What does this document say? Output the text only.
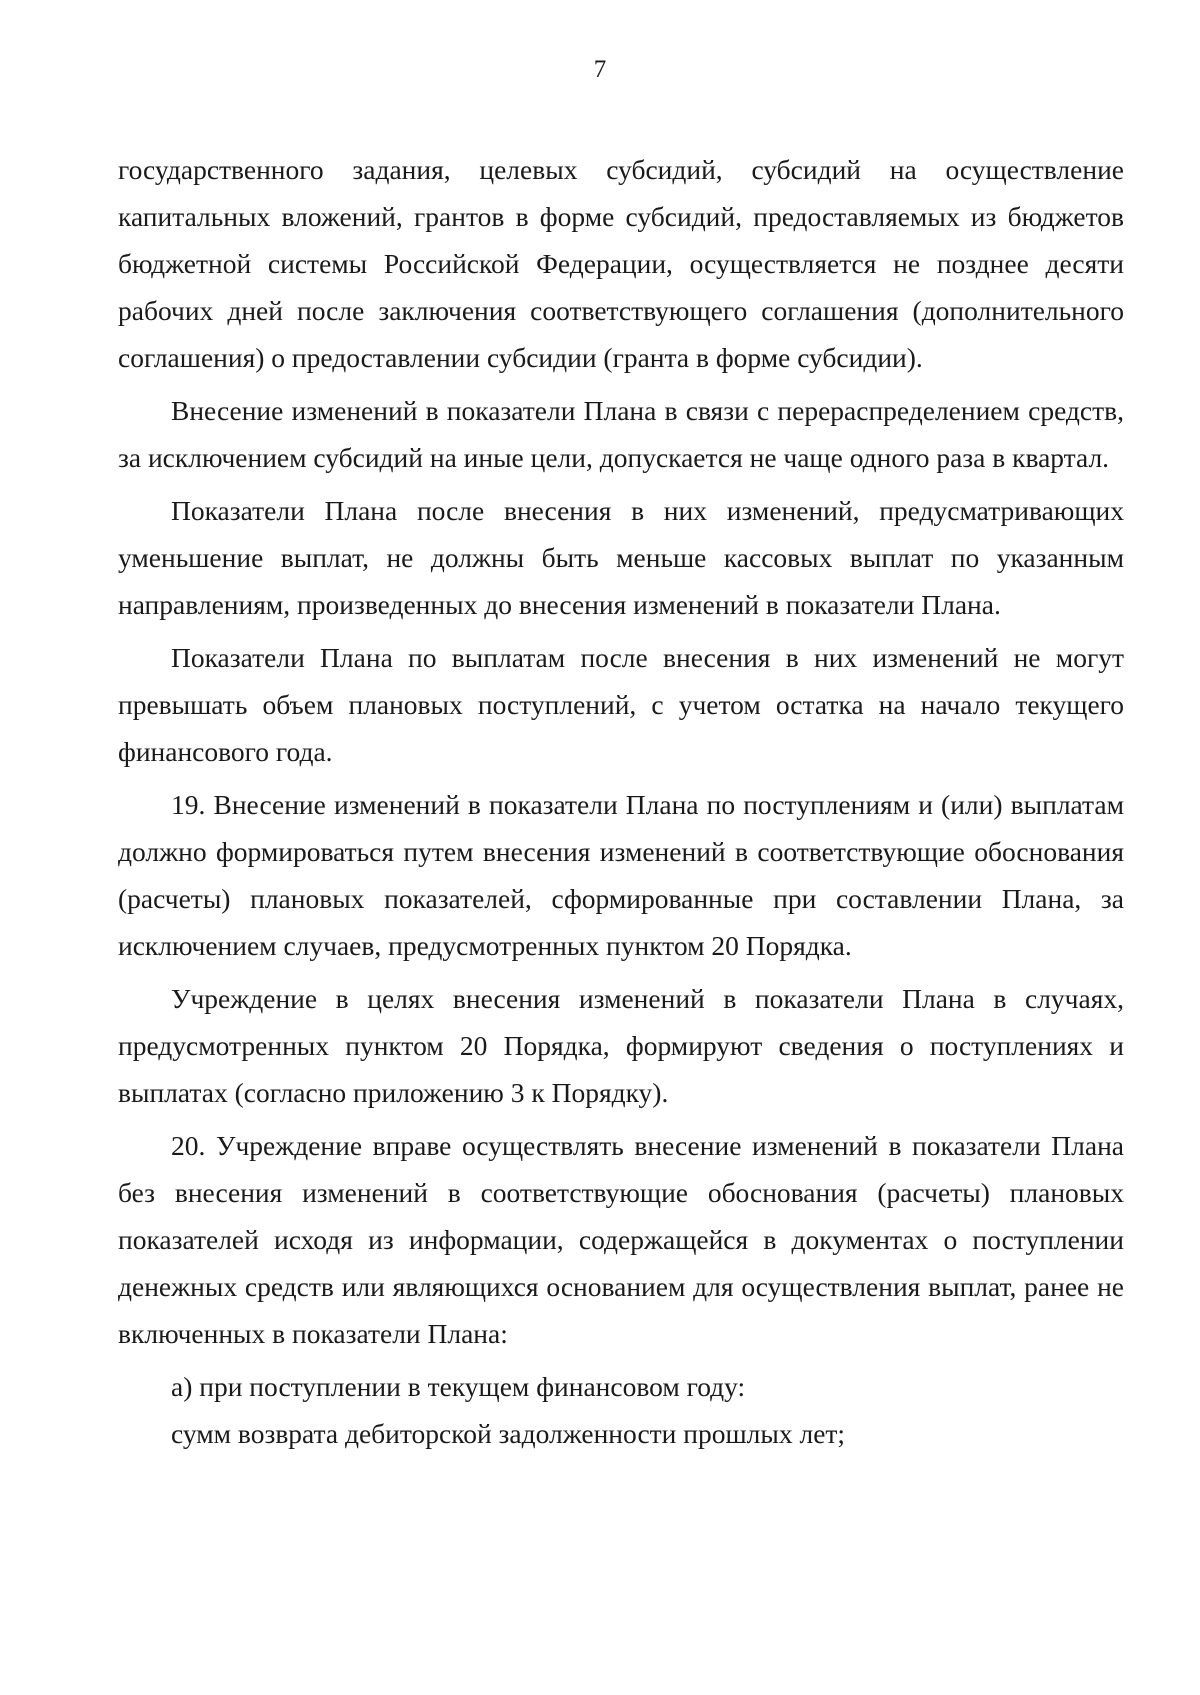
7

государственного задания, целевых субсидий, субсидий на осуществление капитальных вложений, грантов в форме субсидий, предоставляемых из бюджетов бюджетной системы Российской Федерации, осуществляется не позднее десяти рабочих дней после заключения соответствующего соглашения (дополнительного соглашения) о предоставлении субсидии (гранта в форме субсидии).

Внесение изменений в показатели Плана в связи с перераспределением средств, за исключением субсидий на иные цели, допускается не чаще одного раза в квартал.

Показатели Плана после внесения в них изменений, предусматривающих уменьшение выплат, не должны быть меньше кассовых выплат по указанным направлениям, произведенных до внесения изменений в показатели Плана.

Показатели Плана по выплатам после внесения в них изменений не могут превышать объем плановых поступлений, с учетом остатка на начало текущего финансового года.

19. Внесение изменений в показатели Плана по поступлениям и (или) выплатам должно формироваться путем внесения изменений в соответствующие обоснования (расчеты) плановых показателей, сформированные при составлении Плана, за исключением случаев, предусмотренных пунктом 20 Порядка.

Учреждение в целях внесения изменений в показатели Плана в случаях, предусмотренных пунктом 20 Порядка, формируют сведения о поступлениях и выплатах (согласно приложению 3 к Порядку).

20. Учреждение вправе осуществлять внесение изменений в показатели Плана без внесения изменений в соответствующие обоснования (расчеты) плановых показателей исходя из информации, содержащейся в документах о поступлении денежных средств или являющихся основанием для осуществления выплат, ранее не включенных в показатели Плана:

а) при поступлении в текущем финансовом году:

сумм возврата дебиторской задолженности прошлых лет;
